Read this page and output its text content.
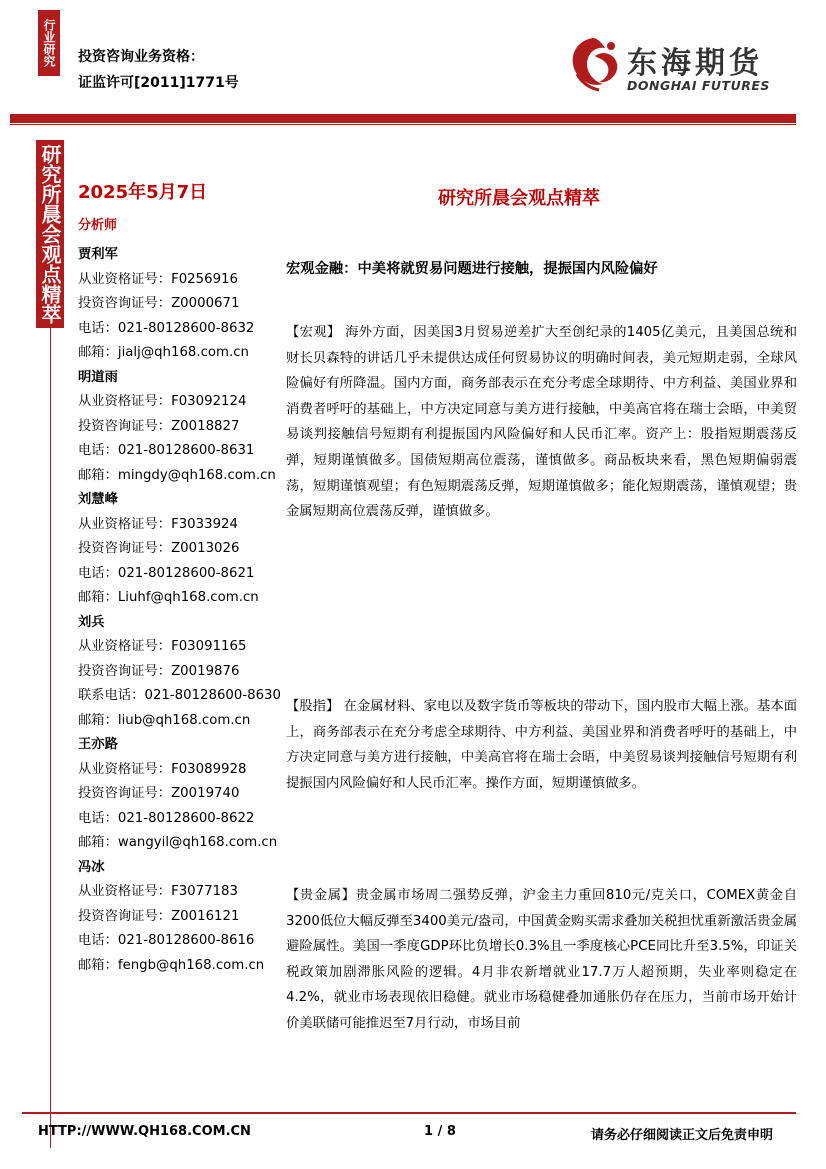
行业研究 投资咨询业务资格：
证监许可[2011]1771号
东海期货
DONGHAI FUTURES
研究所晨会观点精萃 2025年5月7日	研究所晨会观点精萃
分析师
贾利军
从业资格证号：F0256916
投资咨询证号：Z0000671
电话：021-80128600-8632
邮箱：jialj@qh168.com.cn
明道雨
从业资格证号：F03092124
投资咨询证号：Z0018827
电话：021-80128600-8631
邮箱：mingdy@qh168.com.cn
刘慧峰
从业资格证号：F3033924
投资咨询证号：Z0013026
电话：021-80128600-8621
邮箱：Liuhf@qh168.com.cn
刘兵
从业资格证号：F03091165
投资咨询证号：Z0019876
联系电话：021-80128600-8630
邮箱：liub@qh168.com.cn
王亦路
从业资格证号：F03089928
投资咨询证号：Z0019740
电话：021-80128600-8622
邮箱：wangyil@qh168.com.cn
冯冰
从业资格证号：F3077183
投资咨询证号：Z0016121
电话：021-80128600-8616
邮箱：fengb@qh168.com.cn
宏观金融：中美将就贸易问题进行接触，提振国内风险偏好
【宏观】 海外方面，因美国3月贸易逆差扩大至创纪录的1405亿美元，且美国总统和财长贝森特的讲话几乎未提供达成任何贸易协议的明确时间表，美元短期走弱，全球风险偏好有所降温。国内方面，商务部表示在充分考虑全球期待、中方利益、美国业界和消费者呼吁的基础上，中方决定同意与美方进行接触，中美高官将在瑞士会晤，中美贸易谈判接触信号短期有利提振国内风险偏好和人民币汇率。资产上：股指短期震荡反弹，短期谨慎做多。国债短期高位震荡，谨慎做多。商品板块来看，黑色短期偏弱震荡，短期谨慎观望；有色短期震荡反弹，短期谨慎做多；能化短期震荡，谨慎观望；贵金属短期高位震荡反弹，谨慎做多。
【股指】 在金属材料、家电以及数字货币等板块的带动下，国内股市大幅上涨。基本面上，商务部表示在充分考虑全球期待、中方利益、美国业界和消费者呼吁的基础上，中方决定同意与美方进行接触，中美高官将在瑞士会晤，中美贸易谈判接触信号短期有利提振国内风险偏好和人民币汇率。操作方面，短期谨慎做多。
【贵金属】贵金属市场周二强势反弹，沪金主力重回810元/克关口，COMEX黄金自3200低位大幅反弹至3400美元/盎司，中国黄金购买需求叠加关税担忧重新激活贵金属避险属性。美国一季度GDP环比负增长0.3%且一季度核心PCE同比升至3.5%，印证关税政策加剧滞胀风险的逻辑。4月非农新增就业17.7万人超预期，失业率则稳定在4.2%，就业市场表现依旧稳健。就业市场稳健叠加通胀仍存在压力，当前市场开始计价美联储可能推迟至7月行动，市场目前
HTTP://WWW.QH168.COM.CN	1 / 8	请务必仔细阅读正文后免责申明
